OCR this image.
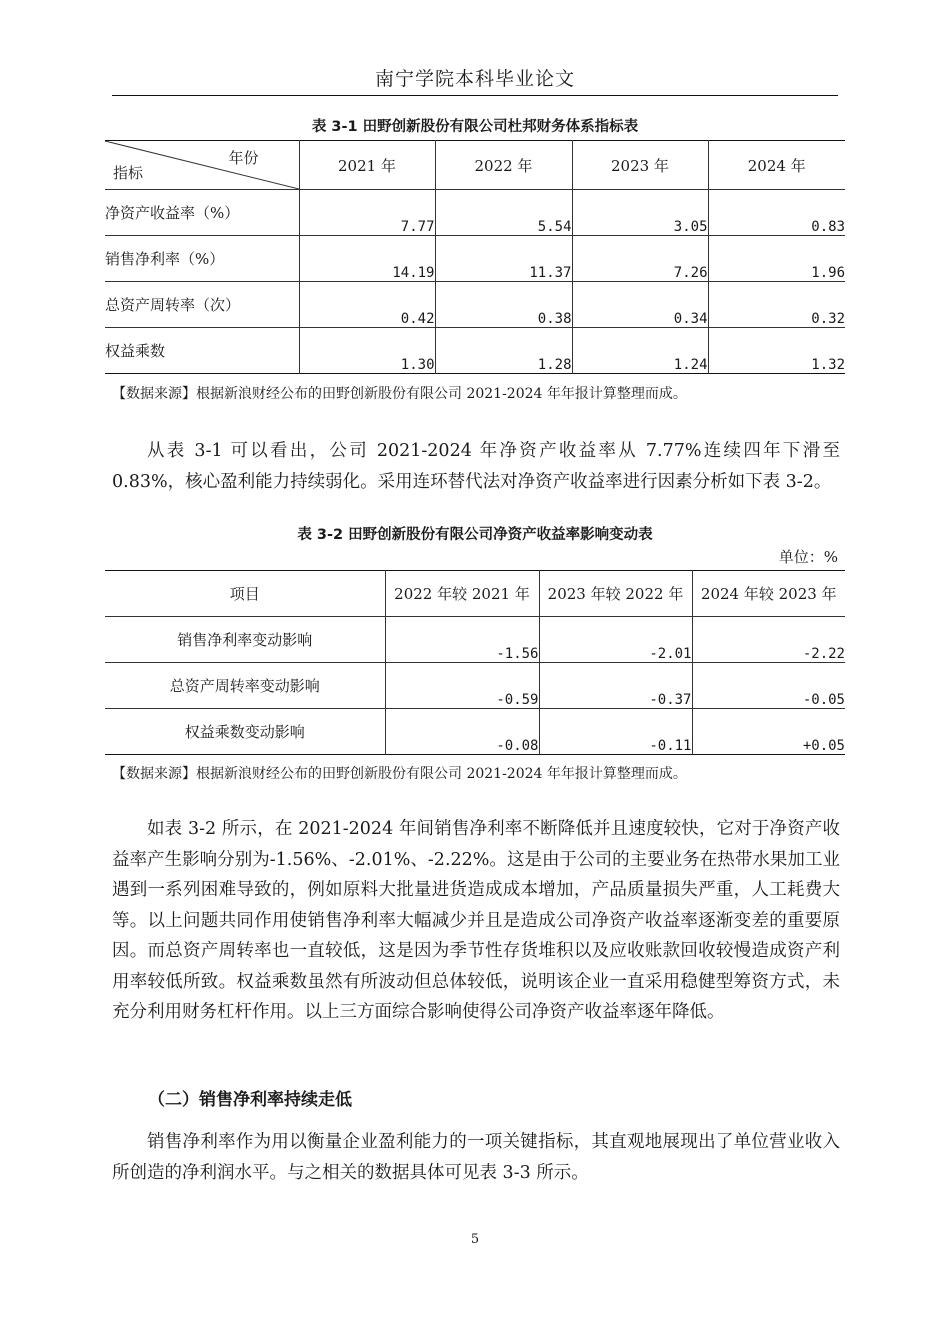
南宁学院本科毕业论文
表 3-1 田野创新股份有限公司杜邦财务体系指标表
年份
指标	2021 年	2022 年	2023 年	2024 年
净资产收益率（%）	7.77	5.54	3.05	0.83
销售净利率（%）	14.19	11.37	7.26	1.96
总资产周转率（次）	0.42	0.38	0.34	0.32
权益乘数	1.30	1.28	1.24	1.32
【数据来源】根据新浪财经公布的田野创新股份有限公司 2021-2024 年年报计算整理而成。

从表 3-1 可以看出，公司 2021-2024 年净资产收益率从 7.77%连续四年下滑至 0.83%，核心盈利能力持续弱化。采用连环替代法对净资产收益率进行因素分析如下表 3-2。

表 3-2 田野创新股份有限公司净资产收益率影响变动表
单位：%
项目	2022 年较 2021 年	2023 年较 2022 年	2024 年较 2023 年
销售净利率变动影响	-1.56	-2.01	-2.22
总资产周转率变动影响	-0.59	-0.37	-0.05
权益乘数变动影响	-0.08	-0.11	+0.05
【数据来源】根据新浪财经公布的田野创新股份有限公司 2021-2024 年年报计算整理而成。

如表 3-2 所示，在 2021-2024 年间销售净利率不断降低并且速度较快，它对于净资产收益率产生影响分别为-1.56%、-2.01%、-2.22%。这是由于公司的主要业务在热带水果加工业遇到一系列困难导致的，例如原料大批量进货造成成本增加，产品质量损失严重，人工耗费大等。以上问题共同作用使销售净利率大幅减少并且是造成公司净资产收益率逐渐变差的重要原因。而总资产周转率也一直较低，这是因为季节性存货堆积以及应收账款回收较慢造成资产利用率较低所致。权益乘数虽然有所波动但总体较低，说明该企业一直采用稳健型筹资方式，未充分利用财务杠杆作用。以上三方面综合影响使得公司净资产收益率逐年降低。

（二）销售净利率持续走低

销售净利率作为用以衡量企业盈利能力的一项关键指标，其直观地展现出了单位营业收入所创造的净利润水平。与之相关的数据具体可见表 3-3 所示。

5
